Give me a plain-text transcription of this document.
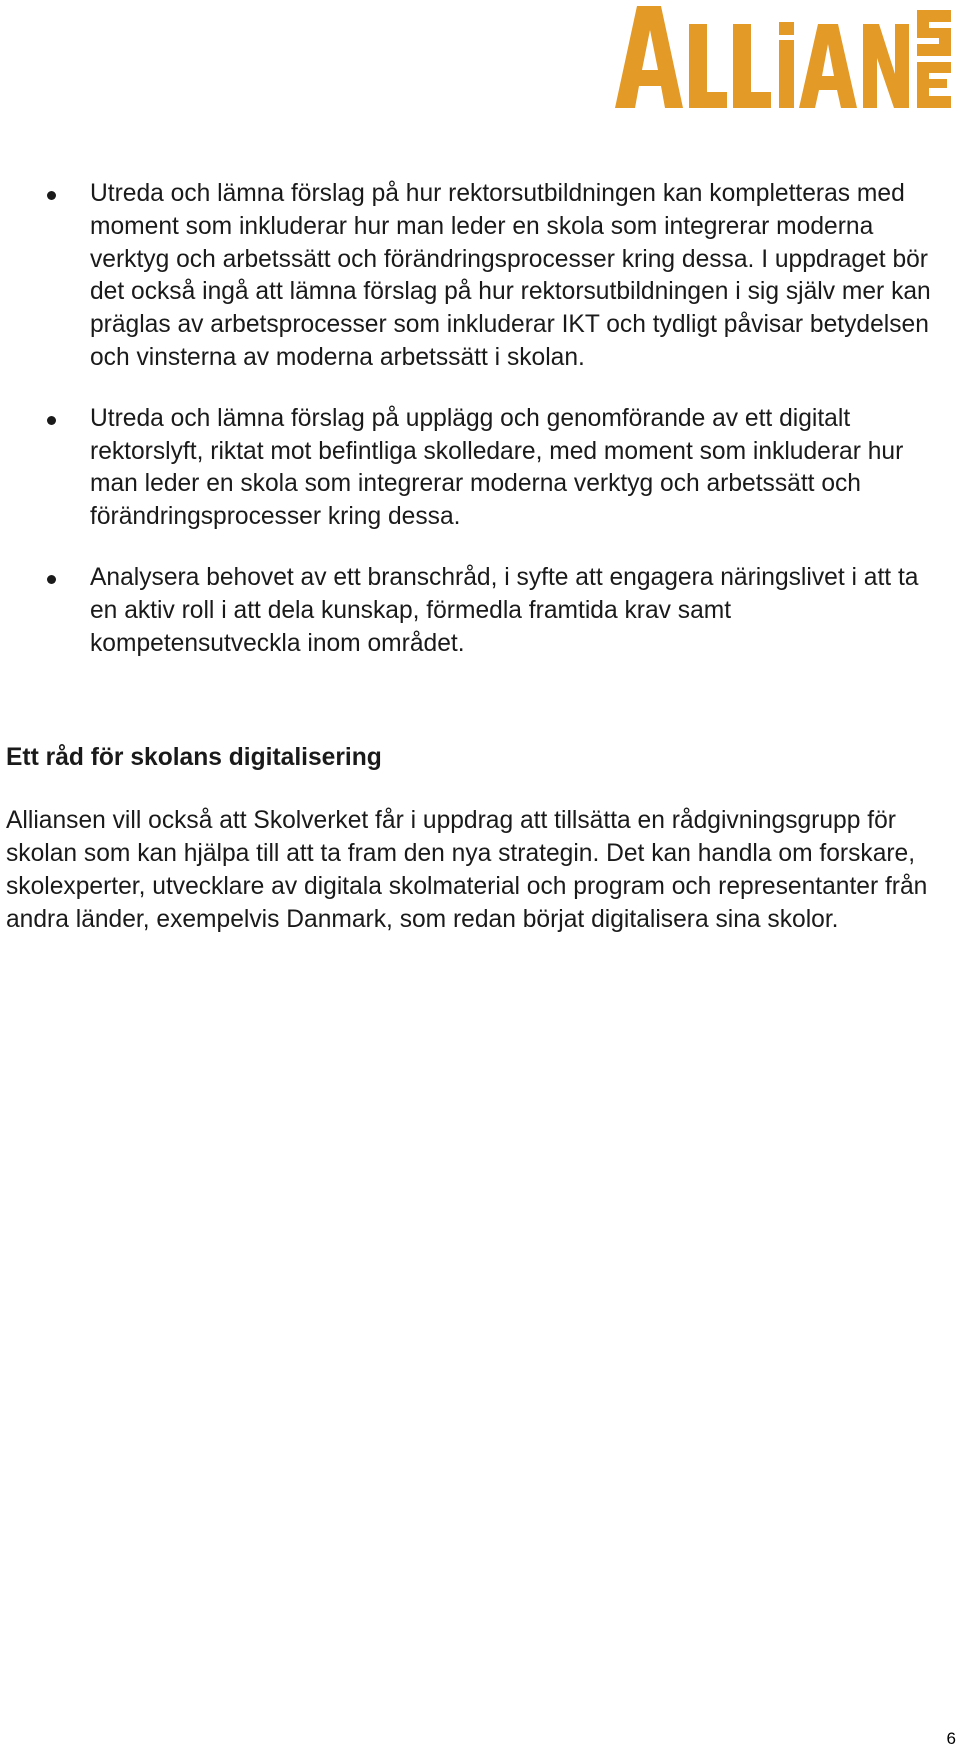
Utreda och lämna förslag på hur rektorsutbildningen kan kompletteras med moment som inkluderar hur man leder en skola som integrerar moderna verktyg och arbetssätt och förändringsprocesser kring dessa. I uppdraget bör det också ingå att lämna förslag på hur rektorsutbildningen i sig själv mer kan präglas av arbetsprocesser som inkluderar IKT och tydligt påvisar betydelsen och vinsterna av moderna arbetssätt i skolan.
Utreda och lämna förslag på upplägg och genomförande av ett digitalt rektorslyft, riktat mot befintliga skolledare, med moment som inkluderar hur man leder en skola som integrerar moderna verktyg och arbetssätt och förändringsprocesser kring dessa.
Analysera behovet av ett branschråd, i syfte att engagera näringslivet i att ta en aktiv roll i att dela kunskap, förmedla framtida krav samt kompetensutveckla inom området.
Ett råd för skolans digitalisering

Alliansen vill också att Skolverket får i uppdrag att tillsätta en rådgivningsgrupp för skolan som kan hjälpa till att ta fram den nya strategin. Det kan handla om forskare, skolexperter, utvecklare av digitala skolmaterial och program och representanter från andra länder, exempelvis Danmark, som redan börjat digitalisera sina skolor.

6
